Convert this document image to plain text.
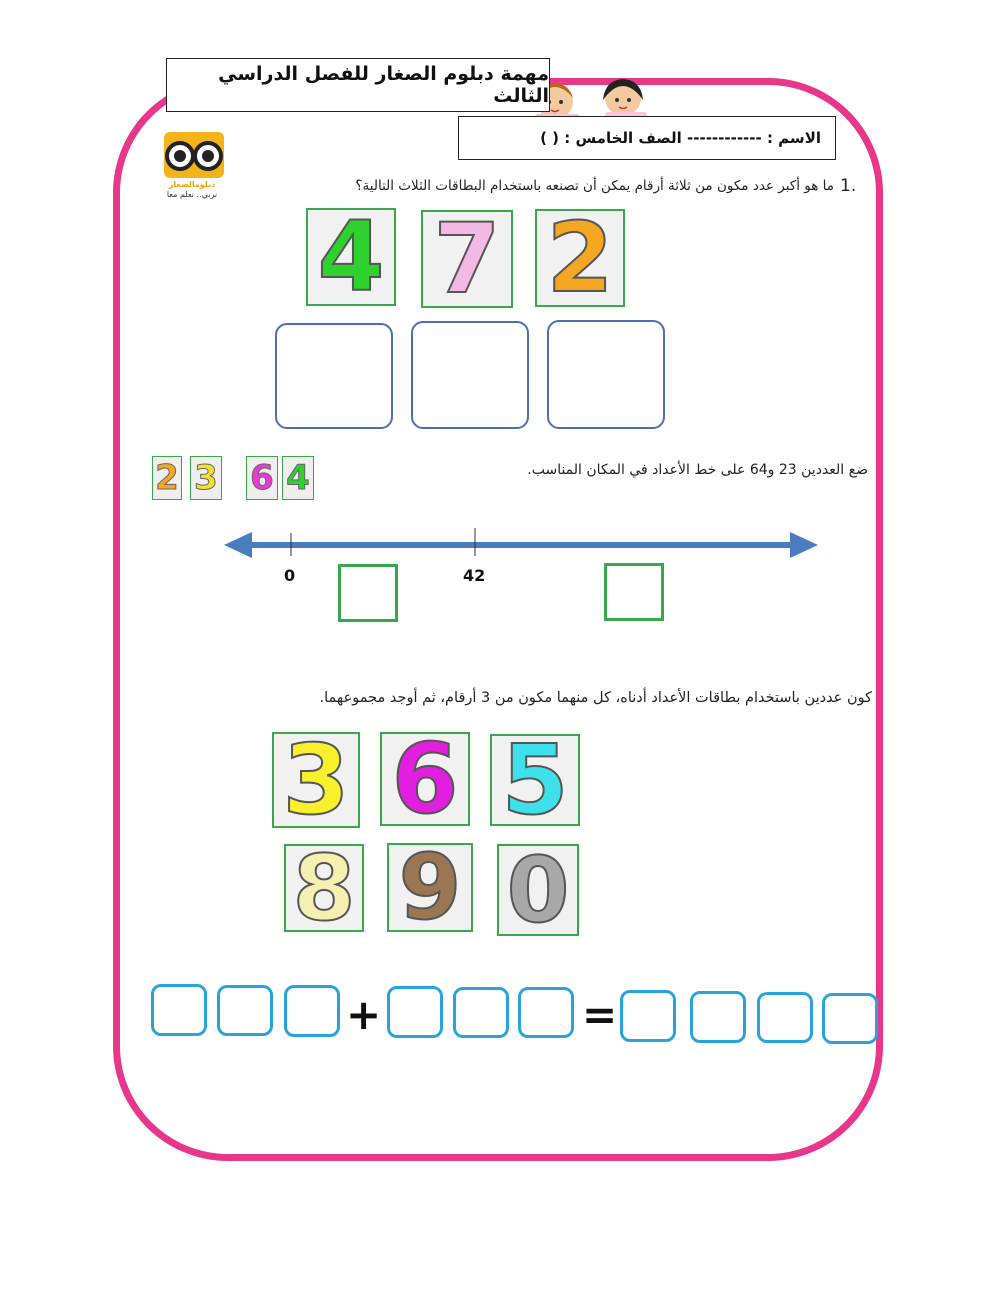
مهمة دبلوم الصغار للفصل الدراسي الثالث
الاسم : ------------ الصف الخامس : ( )
دبلومالصغار
نربي.. نعلم معا	1.
ما هو أكبر عدد مكون من ثلاثة أرقام يمكن أن تصنعه باستخدام البطاقات الثلاث التالية؟
4 7 2
2 3 6 4	ضع العددين 23 و64 على خط الأعداد في المكان المناسب.
0	42
كون عددين باستخدام بطاقات الأعداد أدناه، كل منهما مكون من 3 أرقام، ثم أوجد مجموعهما.
3 6 5
8 9 0
+	=
